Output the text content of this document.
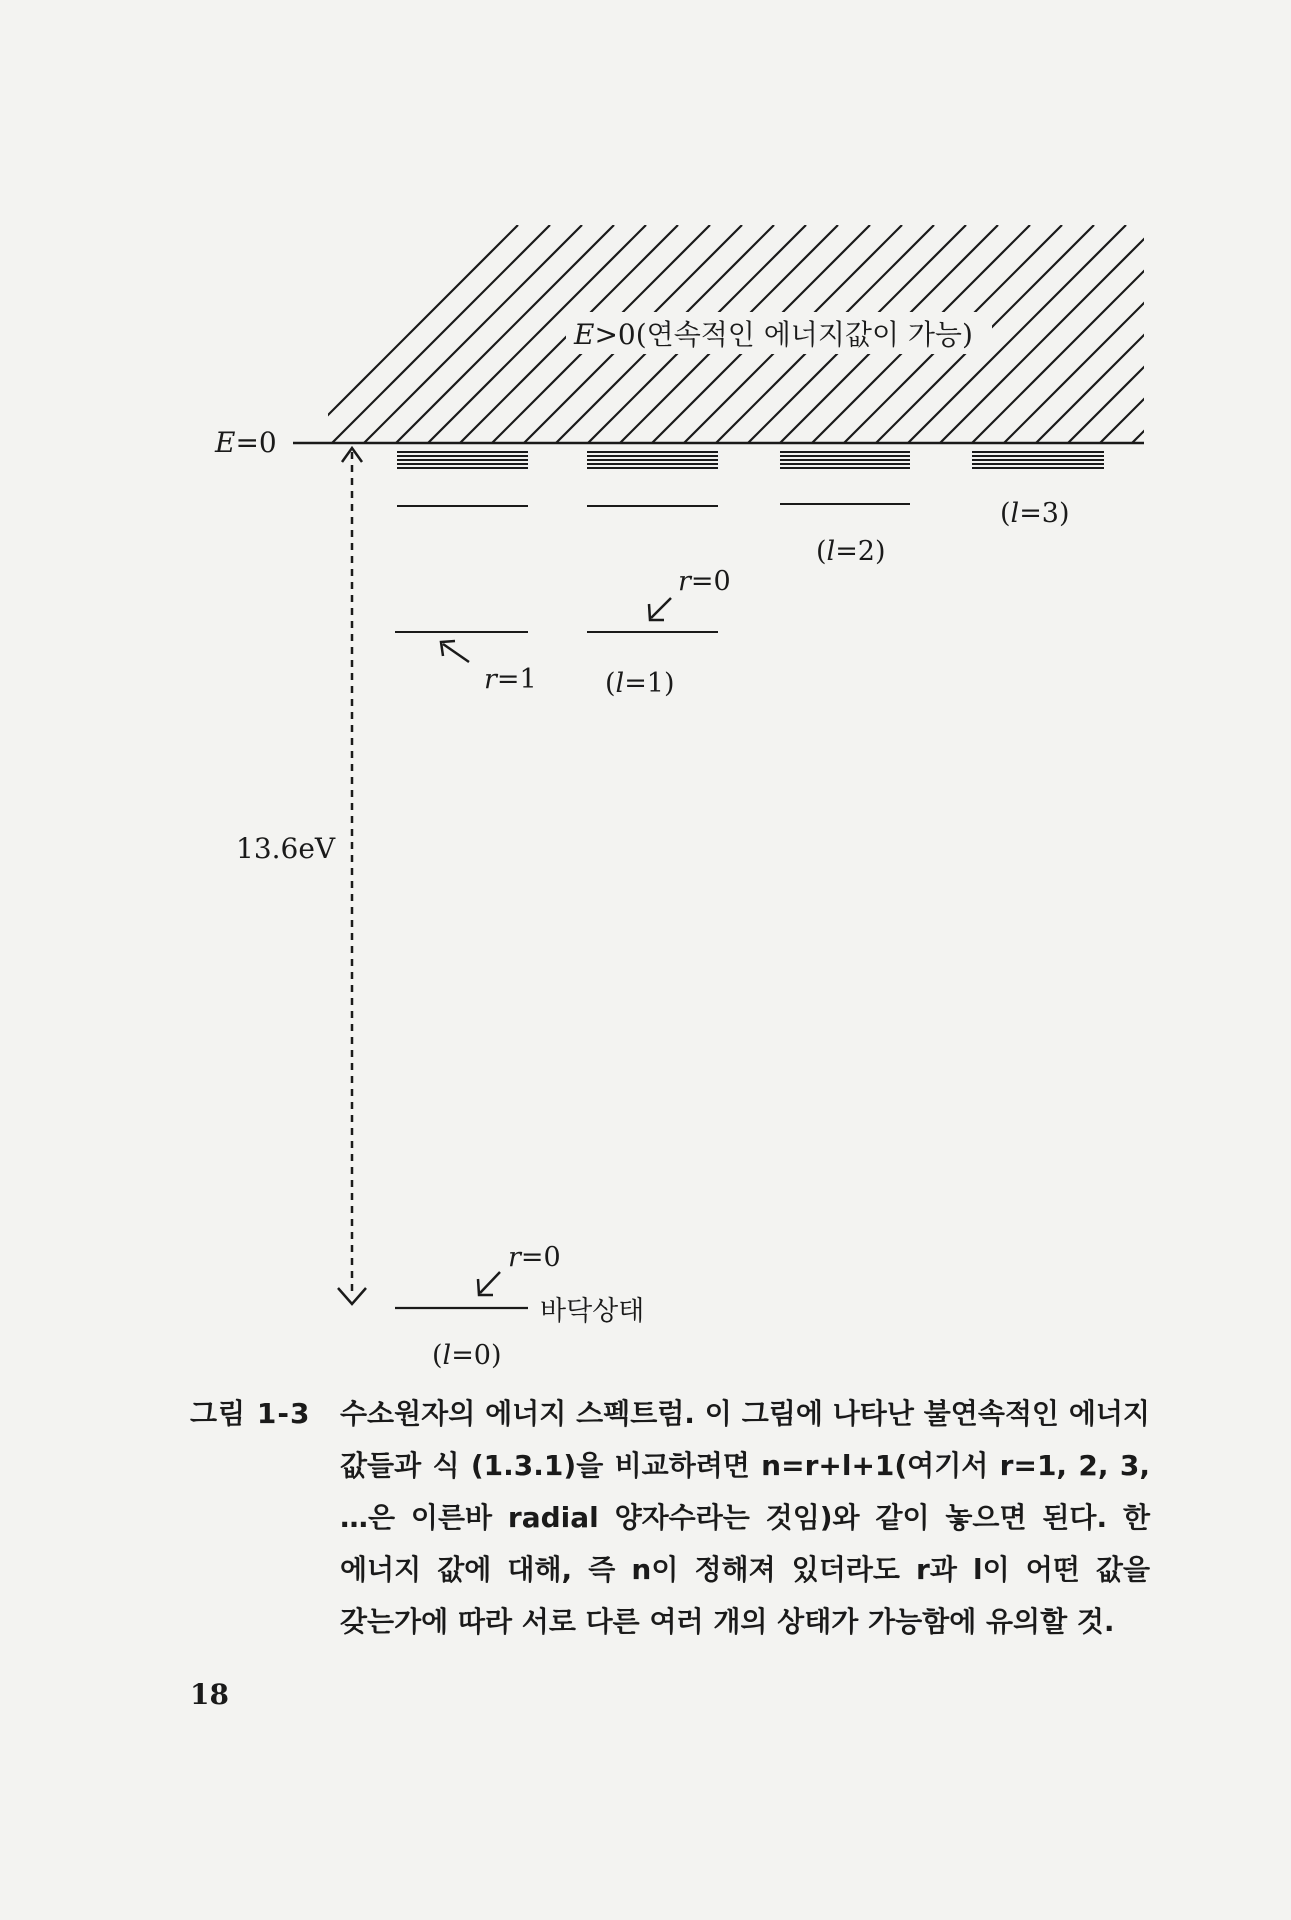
E>0(연속적인 에너지값이 가능)
E=0
13.6eV
r=1
r=0
r=0
(l=1)
(l=2)
(l=3)
(l=0)
바닥상태
그림 1-3	수소원자의 에너지 스펙트럼. 이 그림에 나타난 불연속적인 에너지 값들과 식 (1.3.1)을 비교하려면 n=r+l+1(여기서 r=1, 2, 3, …은 이른바 radial 양자수라는 것임)와 같이 놓으면 된다. 한 에너지 값에 대해, 즉 n이 정해져 있더라도 r과 l이 어떤 값을 갖는가에 따라 서로 다른 여러 개의 상태가 가능함에 유의할 것.
18
